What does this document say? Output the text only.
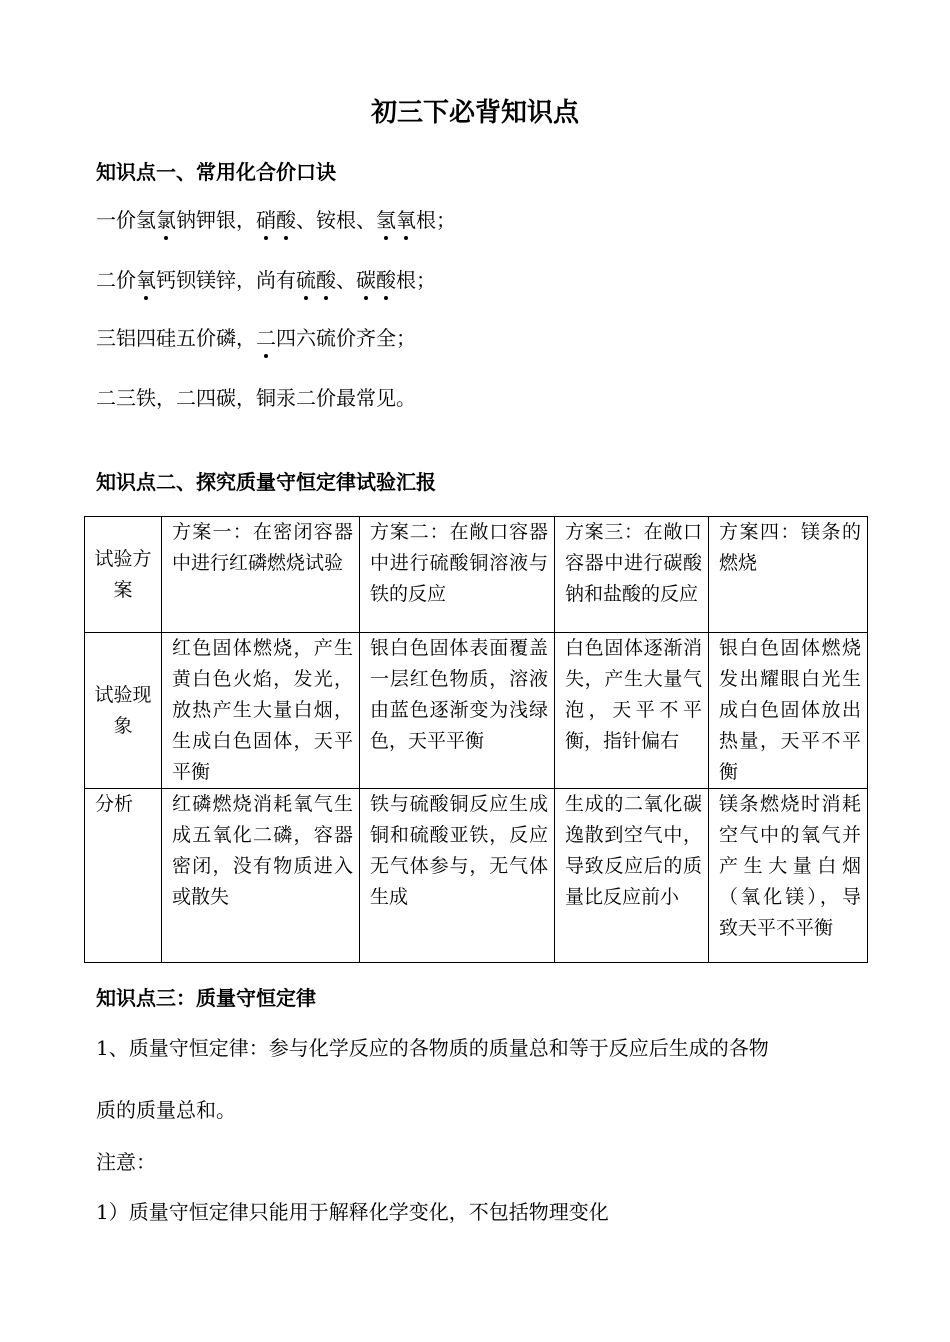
初三下必背知识点
知识点一、常用化合价口诀
一价氢氯钠钾银，硝酸、铵根、氢氧根；
二价氧钙钡镁锌，尚有硫酸、碳酸根；
三铝四硅五价磷，二四六硫价齐全；
二三铁，二四碳，铜汞二价最常见。
知识点二、探究质量守恒定律试验汇报
试验方案	方案一：在密闭容器中进行红磷燃烧试验	方案二：在敞口容器中进行硫酸铜溶液与铁的反应	方案三：在敞口容器中进行碳酸钠和盐酸的反应	方案四：镁条的燃烧
试验现象	红色固体燃烧，产生黄白色火焰，发光，放热产生大量白烟，生成白色固体，天平平衡	银白色固体表面覆盖一层红色物质，溶液由蓝色逐渐变为浅绿色，天平平衡	白色固体逐渐消失，产生大量气泡，天平不平衡，指针偏右	银白色固体燃烧发出耀眼白光生成白色固体放出热量，天平不平衡
分析	红磷燃烧消耗氧气生成五氧化二磷，容器密闭，没有物质进入或散失	铁与硫酸铜反应生成铜和硫酸亚铁，反应无气体参与，无气体生成	生成的二氧化碳逸散到空气中，导致反应后的质量比反应前小	镁条燃烧时消耗空气中的氧气并产生大量白烟（氧化镁），导致天平不平衡
知识点三：质量守恒定律
1、质量守恒定律：参与化学反应的各物质的质量总和等于反应后生成的各物
质的质量总和。
注意：
1）质量守恒定律只能用于解释化学变化，不包括物理变化
